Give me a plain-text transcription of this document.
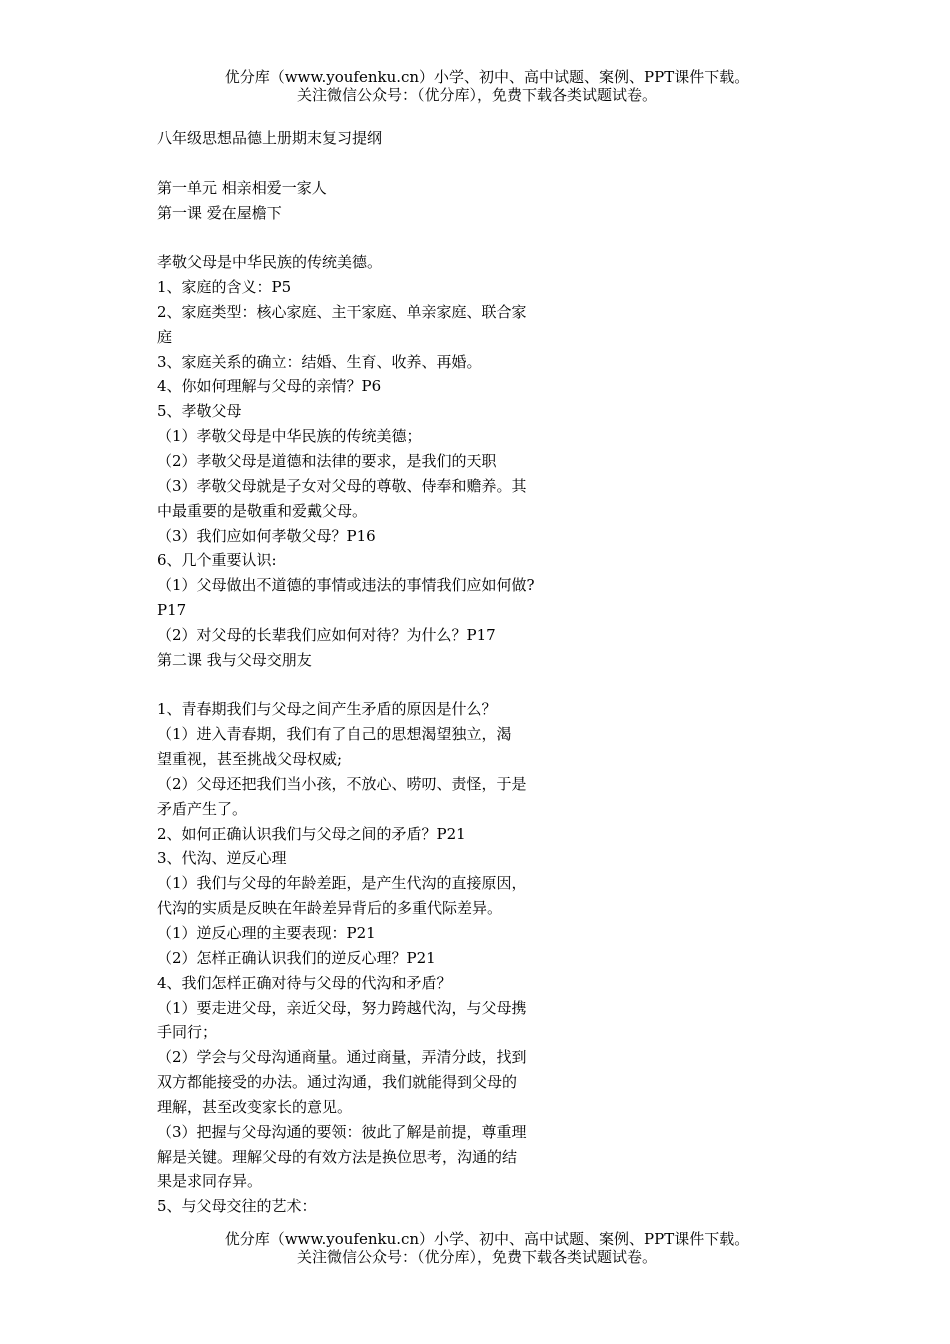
优分库（www.youfenku.cn）小学、初中、高中试题、案例、PPT课件下载。
关注微信公众号：（优分库），免费下载各类试题试卷。
八年级思想品德上册期末复习提纲
第一单元 相亲相爱一家人
第一课 爱在屋檐下
孝敬父母是中华民族的传统美德。
1、家庭的含义：P5
2、家庭类型：核心家庭、主干家庭、单亲家庭、联合家
庭
3、家庭关系的确立：结婚、生育、收养、再婚。
4、你如何理解与父母的亲情？P6
5、孝敬父母
（1）孝敬父母是中华民族的传统美德；
（2）孝敬父母是道德和法律的要求，是我们的天职
（3）孝敬父母就是子女对父母的尊敬、侍奉和赡养。其
中最重要的是敬重和爱戴父母。
（3）我们应如何孝敬父母？P16
6、几个重要认识:
（1）父母做出不道德的事情或违法的事情我们应如何做?
P17
（2）对父母的长辈我们应如何对待？为什么？P17
第二课 我与父母交朋友
1、青春期我们与父母之间产生矛盾的原因是什么？
（1）进入青春期，我们有了自己的思想渴望独立，渴
望重视，甚至挑战父母权威;
（2）父母还把我们当小孩，不放心、唠叨、责怪，于是
矛盾产生了。
2、如何正确认识我们与父母之间的矛盾？P21
3、代沟、逆反心理
（1）我们与父母的年龄差距，是产生代沟的直接原因，
代沟的实质是反映在年龄差异背后的多重代际差异。
（1）逆反心理的主要表现：P21
（2）怎样正确认识我们的逆反心理？P21
4、我们怎样正确对待与父母的代沟和矛盾？
（1）要走进父母，亲近父母，努力跨越代沟，与父母携
手同行；
（2）学会与父母沟通商量。通过商量，弄清分歧，找到
双方都能接受的办法。通过沟通，我们就能得到父母的
理解，甚至改变家长的意见。
（3）把握与父母沟通的要领：彼此了解是前提，尊重理
解是关键。理解父母的有效方法是换位思考，沟通的结
果是求同存异。
5、与父母交往的艺术：
优分库（www.youfenku.cn）小学、初中、高中试题、案例、PPT课件下载。
关注微信公众号：（优分库），免费下载各类试题试卷。
